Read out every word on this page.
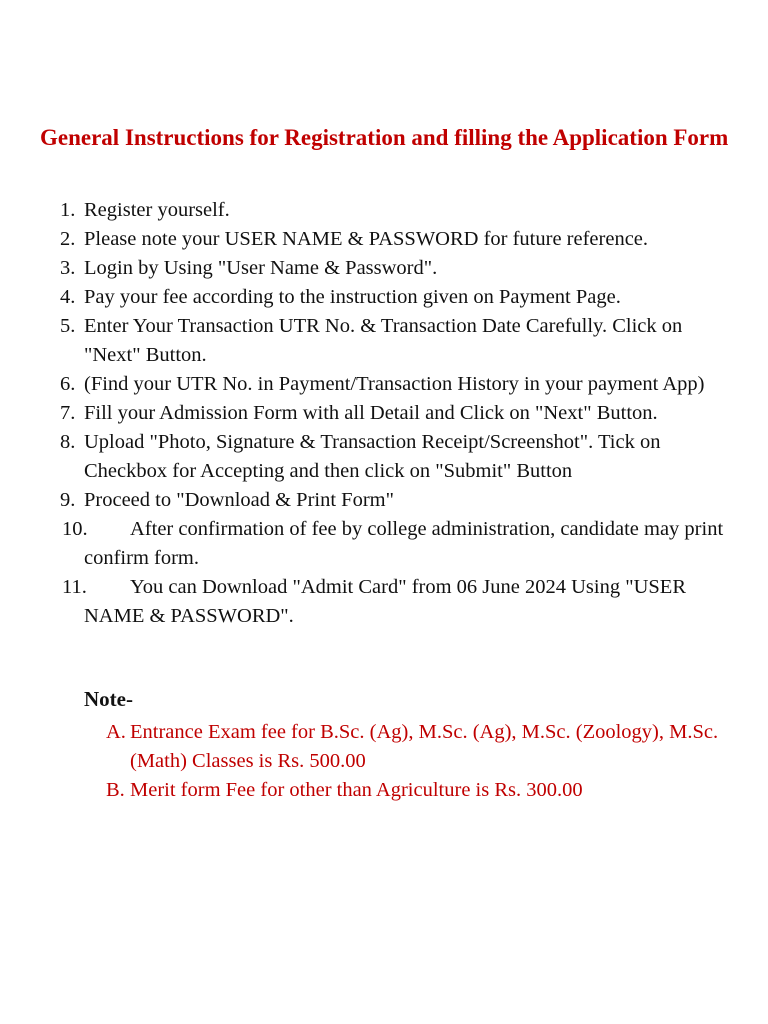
General Instructions for Registration and filling the Application Form
1. Register yourself.
2. Please note your USER NAME & PASSWORD for future reference.
3. Login by Using "User Name & Password".
4. Pay your fee according to the instruction given on Payment Page.
5. Enter Your Transaction UTR No. & Transaction Date Carefully. Click on "Next" Button.
6. (Find your UTR No. in Payment/Transaction History in your payment App)
7. Fill your Admission Form with all Detail and Click on "Next" Button.
8. Upload "Photo, Signature & Transaction Receipt/Screenshot". Tick on Checkbox for Accepting and then click on "Submit" Button
9. Proceed to "Download & Print Form"
10.	After confirmation of fee by college administration, candidate may print confirm form.
11.	You can Download "Admit Card" from 06 June 2024 Using "USER NAME & PASSWORD".

Note-

A. Entrance Exam fee for B.Sc. (Ag), M.Sc. (Ag), M.Sc. (Zoology), M.Sc. (Math) Classes is Rs. 500.00
B. Merit form Fee for other than Agriculture is Rs. 300.00
